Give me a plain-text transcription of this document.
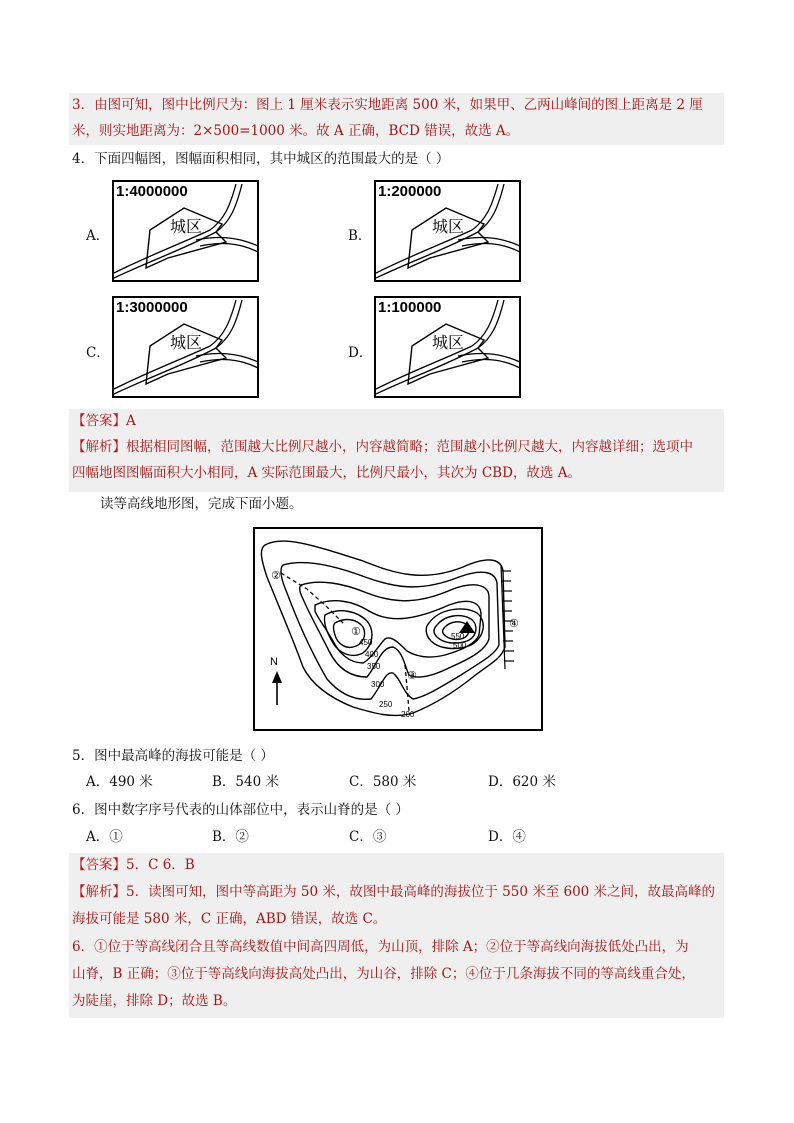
3．由图可知，图中比例尺为：图上 1 厘米表示实地距离 500 米，如果甲、乙两山峰间的图上距离是 2 厘
米，则实地距离为：2×500=1000 米。故 A 正确，BCD 错误，故选 A。
4．下面四幅图，图幅面积相同，其中城区的范围最大的是（ ）
A．
1:4000000
城区	B．
1:200000
城区
C．
1:3000000
城区
D．
1:100000
城区
【答案】A
【解析】根据相同图幅，范围越大比例尺越小，内容越简略；范围越小比例尺越大，内容越详细；选项中
四幅地图图幅面积大小相同，A 实际范围最大，比例尺最小，其次为 CBD，故选 A。
读等高线地形图，完成下面小题。
450
400
350
300
250
200
550
500
①
②
③
④
N
5．图中最高峰的海拔可能是（ ）
A．490 米	B．540 米	C．580 米	D．620 米
6．图中数字序号代表的山体部位中，表示山脊的是（ ）
A．①	B．②	C．③	D．④
【答案】5．C 6．B
【解析】5．读图可知，图中等高距为 50 米，故图中最高峰的海拔位于 550 米至 600 米之间，故最高峰的
海拔可能是 580 米，C 正确，ABD 错误，故选 C。
6．①位于等高线闭合且等高线数值中间高四周低，为山顶，排除 A；②位于等高线向海拔低处凸出，为
山脊，B 正确；③位于等高线向海拔高处凸出，为山谷，排除 C；④位于几条海拔不同的等高线重合处，
为陡崖，排除 D；故选 B。
